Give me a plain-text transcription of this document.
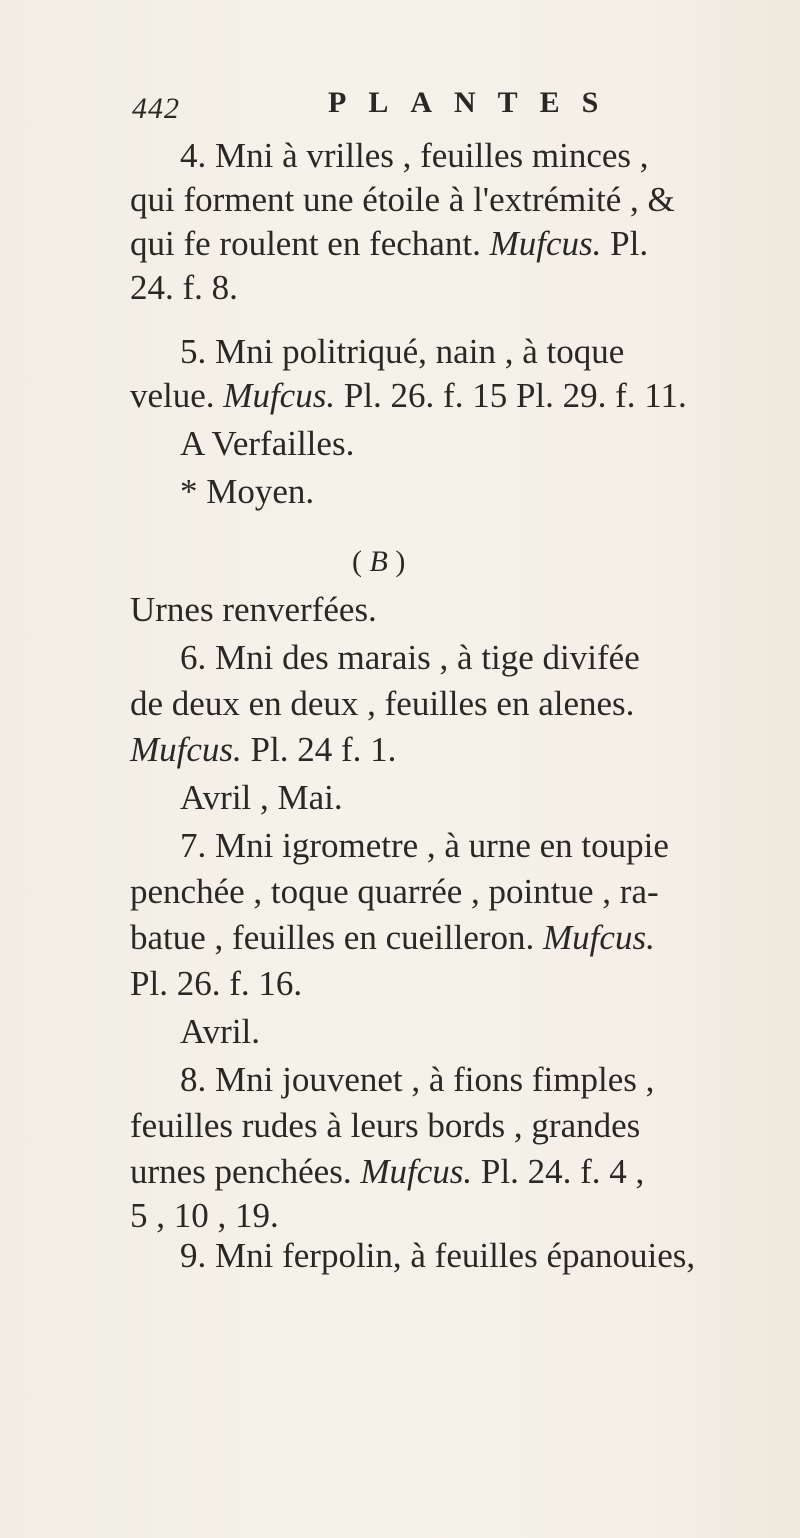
442	PLANTES
4. Mni à vrilles , feuilles minces ,
qui forment une étoile à l'extrémité , &
qui fe roulent en fechant. Mufcus. Pl.
24. f. 8.
5. Mni politriqué, nain , à toque
velue. Mufcus. Pl. 26. f. 15 Pl. 29. f. 11.
A Verfailles.
* Moyen.
( B )
Urnes renverfées.
6. Mni des marais , à tige divifée
de deux en deux , feuilles en alenes.
Mufcus. Pl. 24 f. 1.
Avril , Mai.
7. Mni igrometre , à urne en toupie
penchée , toque quarrée , pointue , ra-
batue , feuilles en cueilleron. Mufcus.
Pl. 26. f. 16.
Avril.
8. Mni jouvenet , à fions fimples ,
feuilles rudes à leurs bords , grandes
urnes penchées. Mufcus. Pl. 24. f. 4 ,
5 , 10 , 19.
9. Mni ferpolin, à feuilles épanouies,
